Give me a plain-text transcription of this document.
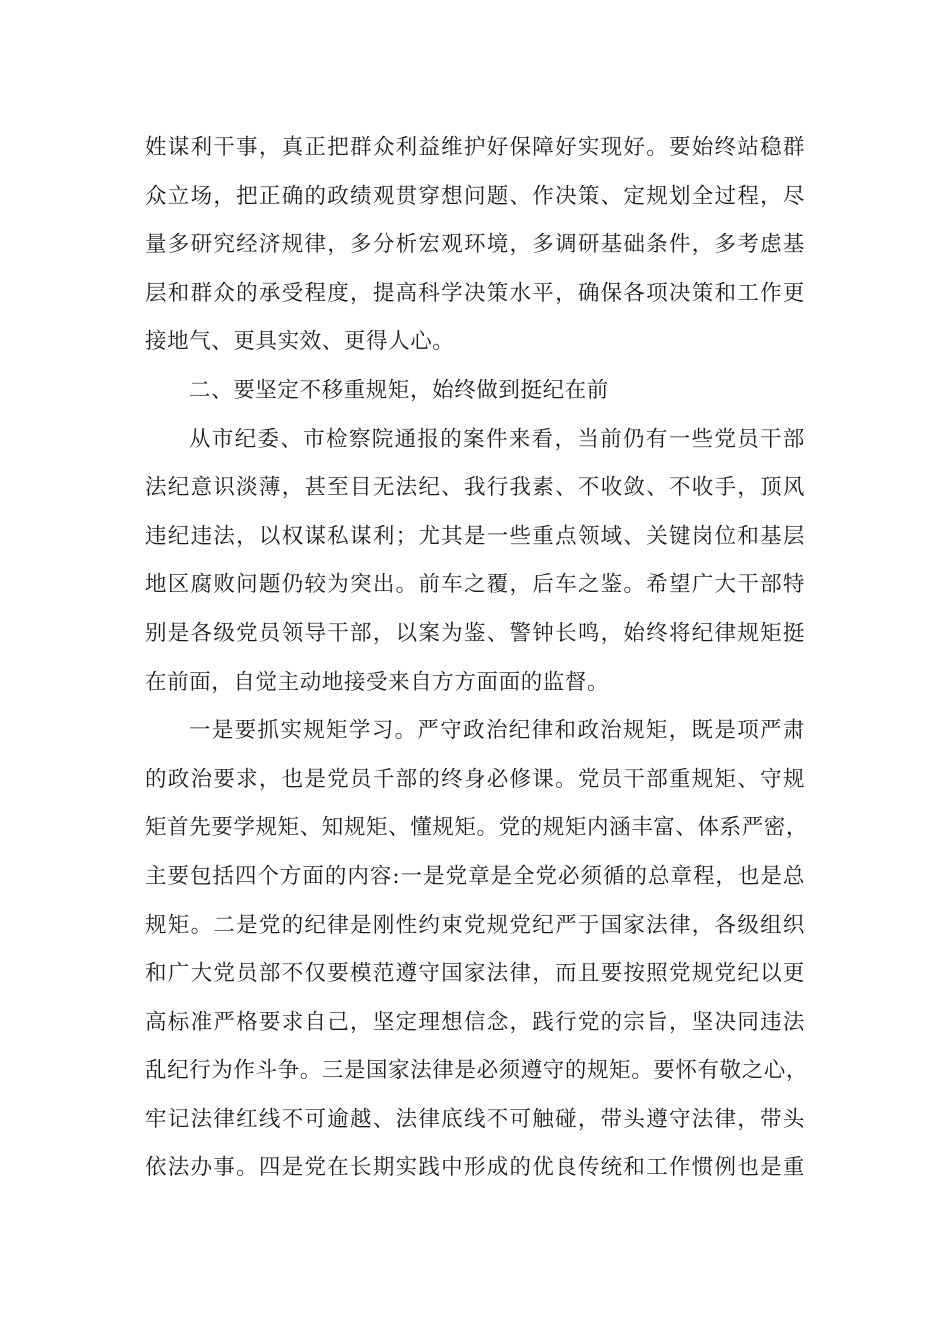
姓谋利干事，真正把群众利益维护好保障好实现好。要始终站稳群
众立场，把正确的政绩观贯穿想问题、作决策、定规划全过程，尽
量多研究经济规律，多分析宏观环境，多调研基础条件，多考虑基
层和群众的承受程度，提高科学决策水平，确保各项决策和工作更
接地气、更具实效、更得人心。
二、要坚定不移重规矩，始终做到挺纪在前
从市纪委、市检察院通报的案件来看，当前仍有一些党员干部
法纪意识淡薄，甚至目无法纪、我行我素、不收敛、不收手，顶风
违纪违法，以权谋私谋利；尤其是一些重点领域、关键岗位和基层
地区腐败问题仍较为突出。前车之覆，后车之鉴。希望广大干部特
别是各级党员领导干部，以案为鉴、警钟长鸣，始终将纪律规矩挺
在前面，自觉主动地接受来自方方面面的监督。
一是要抓实规矩学习。严守政治纪律和政治规矩，既是项严肃
的政治要求，也是党员千部的终身必修课。党员干部重规矩、守规
矩首先要学规矩、知规矩、懂规矩。党的规矩内涵丰富、体系严密，
主要包括四个方面的内容:一是党章是全党必须循的总章程，也是总
规矩。二是党的纪律是刚性约束党规党纪严于国家法律，各级组织
和广大党员部不仅要模范遵守国家法律，而且要按照党规党纪以更
高标准严格要求自己，坚定理想信念，践行党的宗旨，坚决同违法
乱纪行为作斗争。三是国家法律是必须遵守的规矩。要怀有敬之心，
牢记法律红线不可逾越、法律底线不可触碰，带头遵守法律，带头
依法办事。四是党在长期实践中形成的优良传统和工作惯例也是重
